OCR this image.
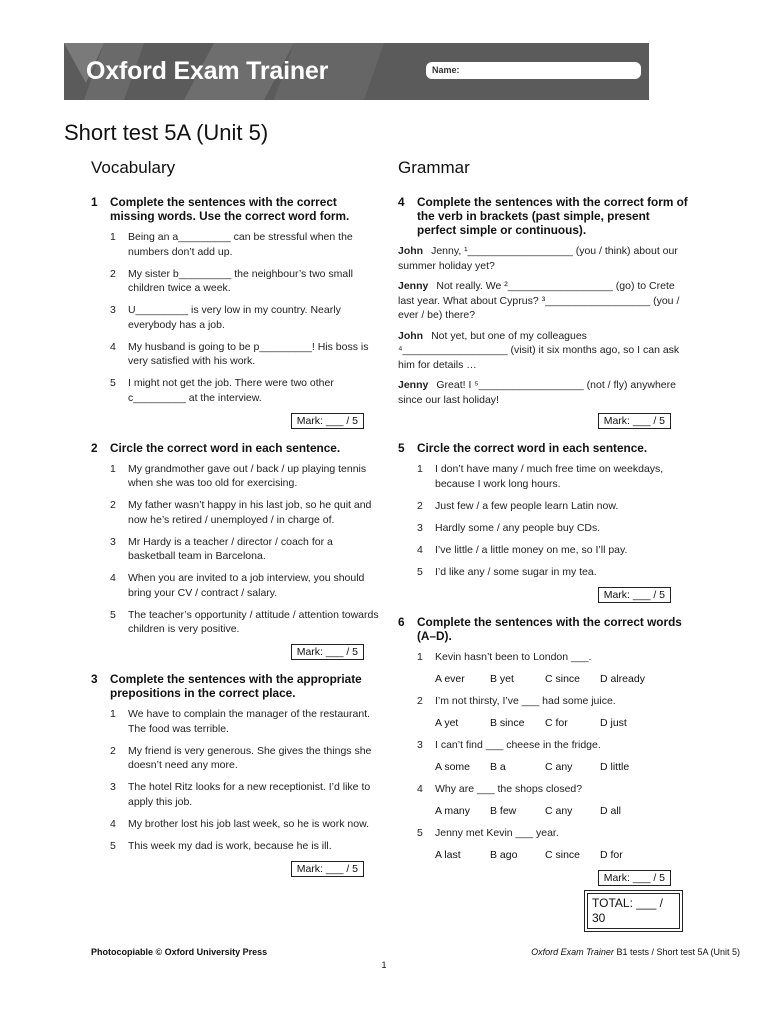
Oxford Exam Trainer	Name:
Short test 5A (Unit 5)
Vocabulary
1	Complete the sentences with the correct missing words. Use the correct word form.
1	Being an a_________ can be stressful when the numbers don’t add up.
2	My sister b_________ the neighbour’s two small children twice a week.
3	U_________ is very low in my country. Nearly everybody has a job.
4	My husband is going to be p_________! His boss is very satisfied with his work.
5	I might not get the job. There were two other c_________ at the interview.
Mark: ___ / 5
2	Circle the correct word in each sentence.
1	My grandmother gave out / back / up playing tennis when she was too old for exercising.
2	My father wasn’t happy in his last job, so he quit and now he’s retired / unemployed / in charge of.
3	Mr Hardy is a teacher / director / coach for a basketball team in Barcelona.
4	When you are invited to a job interview, you should bring your CV / contract / salary.
5	The teacher’s opportunity / attitude / attention towards children is very positive.
Mark: ___ / 5
3	Complete the sentences with the appropriate prepositions in the correct place.
1	We have to complain the manager of the restaurant. The food was terrible.
2	My friend is very generous. She gives the things she doesn’t need any more.
3	The hotel Ritz looks for a new receptionist. I’d like to apply this job.
4	My brother lost his job last week, so he is work now.
5	This week my dad is work, because he is ill.
Mark: ___ / 5
Grammar
4	Complete the sentences with the correct form of the verb in brackets (past simple, present perfect simple or continuous).
John Jenny, ¹__________________ (you / think) about our summer holiday yet?
Jenny Not really. We ²__________________ (go) to Crete last year. What about Cyprus? ³__________________ (you / ever / be) there?
John Not yet, but one of my colleagues ⁴__________________ (visit) it six months ago, so I can ask him for details …
Jenny Great! I ⁵__________________ (not / fly) anywhere since our last holiday!
Mark: ___ / 5
5	Circle the correct word in each sentence.
1	I don’t have many / much free time on weekdays, because I work long hours.
2	Just few / a few people learn Latin now.
3	Hardly some / any people buy CDs.
4	I’ve little / a little money on me, so I’ll pay.
5	I’d like any / some sugar in my tea.
Mark: ___ / 5
6	Complete the sentences with the correct words (A–D).
1	Kevin hasn’t been to London ___.
A ever	B yet	C since	D already
2	I’m not thirsty, I’ve ___ had some juice.
A yet	B since	C for	D just
3	I can’t find ___ cheese in the fridge.
A some	B a	C any	D little
4	Why are ___ the shops closed?
A many	B few	C any	D all
5	Jenny met Kevin ___ year.
A last	B ago	C since	D for
Mark: ___ / 5
TOTAL: ___ / 30
Photocopiable © Oxford University Press	Oxford Exam Trainer B1 tests / Short test 5A (Unit 5)
1
